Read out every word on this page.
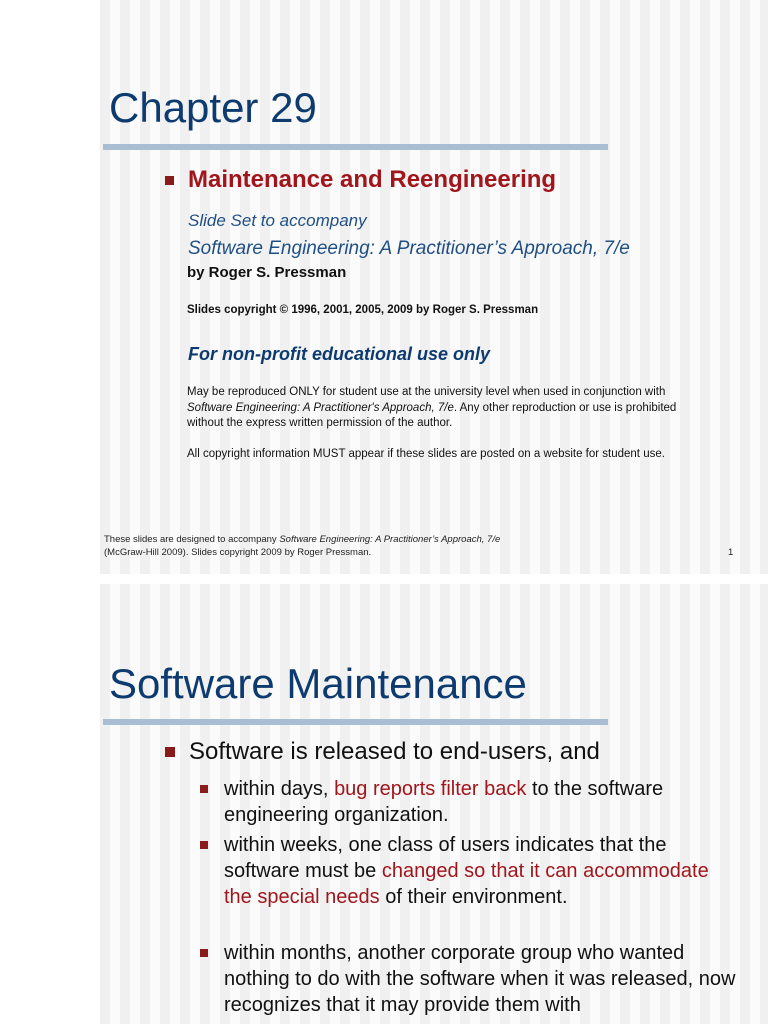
Chapter 29
Maintenance and Reengineering
Slide Set to accompany
Software Engineering: A Practitioner’s Approach, 7/e
by Roger S. Pressman
Slides copyright © 1996, 2001, 2005, 2009 by Roger S. Pressman
For non-profit educational use only
May be reproduced ONLY for student use at the university level when used in conjunction with Software Engineering: A Practitioner's Approach, 7/e. Any other reproduction or use is prohibited without the express written permission of the author.
All copyright information MUST appear if these slides are posted on a website for student use.
These slides are designed to accompany Software Engineering: A Practitioner’s Approach, 7/e
(McGraw-Hill 2009). Slides copyright 2009 by Roger Pressman.	1
Software Maintenance
Software is released to end-users, and
within days, bug reports filter back to the software engineering organization.
within weeks, one class of users indicates that the software must be changed so that it can accommodate the special needs of their environment.
within months, another corporate group who wanted nothing to do with the software when it was released, now recognizes that it may provide them with
